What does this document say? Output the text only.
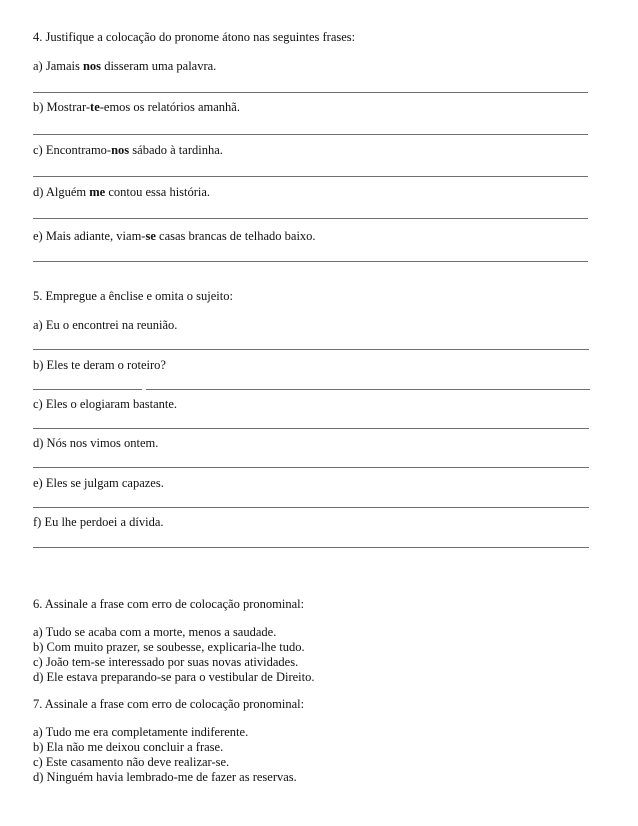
4. Justifique a colocação do pronome átono nas seguintes frases:
a) Jamais nos disseram uma palavra.
b) Mostrar-te-emos os relatórios amanhã.
c) Encontramo-nos sábado à tardinha.
d) Alguém me contou essa história.
e) Mais adiante, viam-se casas brancas de telhado baixo.
5. Empregue a ênclise e omita o sujeito:
a) Eu o encontrei na reunião.
b) Eles te deram o roteiro?
c) Eles o elogiaram bastante.
d) Nós nos vimos ontem.
e) Eles se julgam capazes.
f) Eu lhe perdoei a dívida.
6. Assinale a frase com erro de colocação pronominal:
a) Tudo se acaba com a morte, menos a saudade.
b) Com muito prazer, se soubesse, explicaria-lhe tudo.
c) João tem-se interessado por suas novas atividades.
d) Ele estava preparando-se para o vestibular de Direito.
7. Assinale a frase com erro de colocação pronominal:
a) Tudo me era completamente indiferente.
b) Ela não me deixou concluir a frase.
c) Este casamento não deve realizar-se.
d) Ninguém havia lembrado-me de fazer as reservas.
